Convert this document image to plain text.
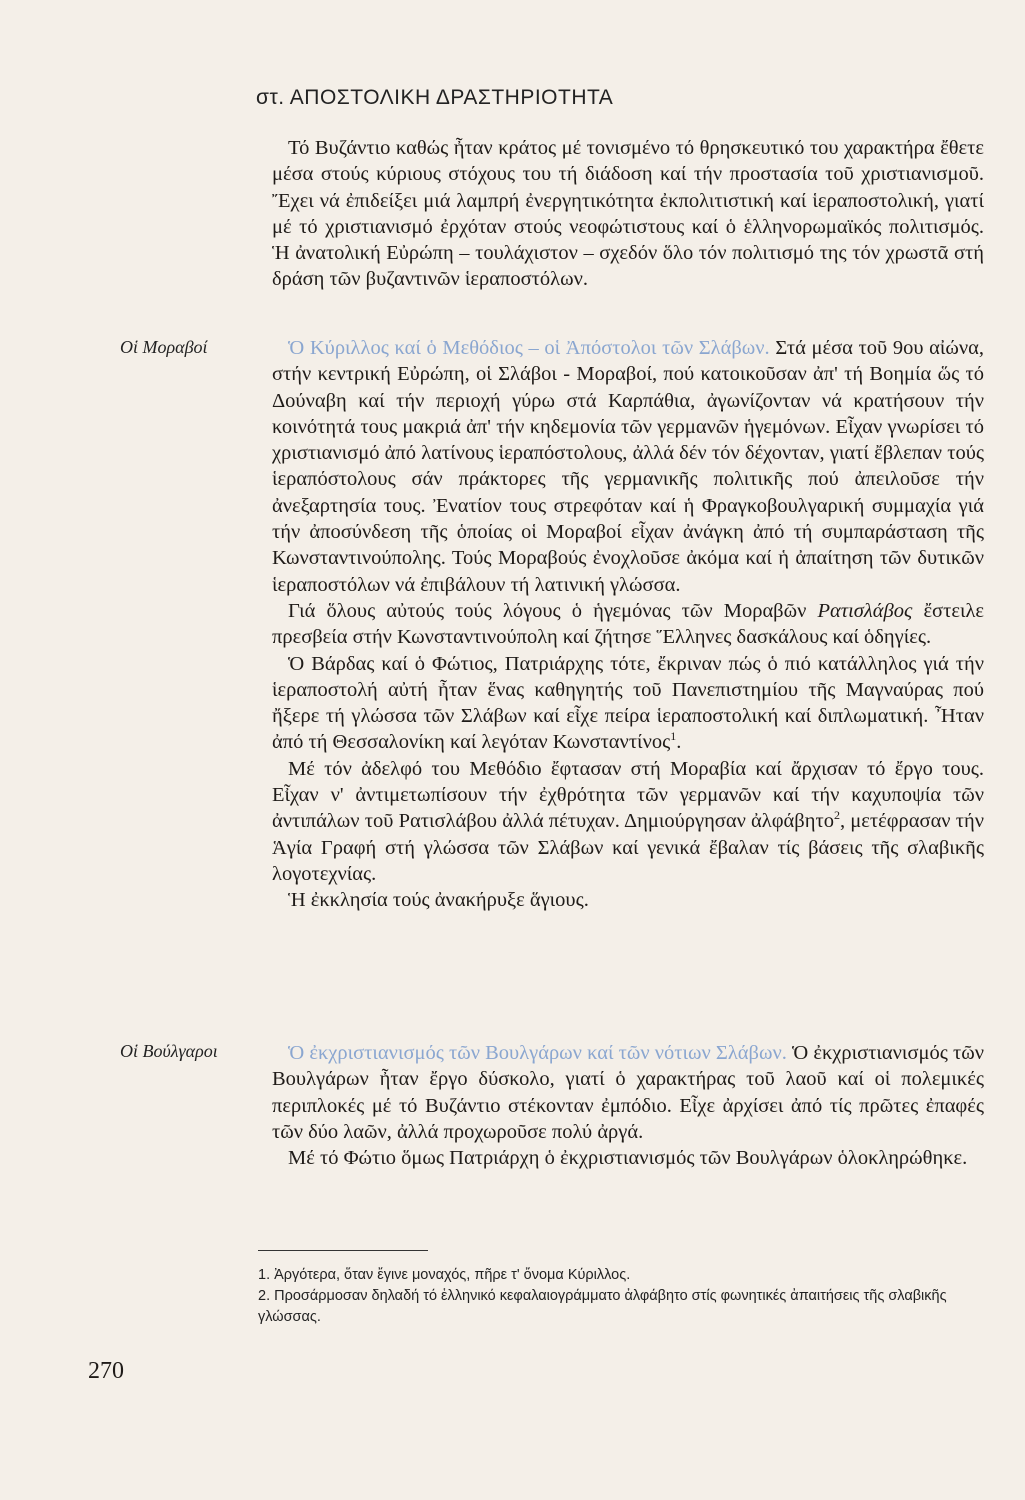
στ. ΑΠΟΣΤΟΛΙΚΗ ΔΡΑΣΤΗΡΙΟΤΗΤΑ

Τό Βυζάντιο καθώς ἦταν κράτος μέ τονισμένο τό θρησκευτικό του χαρακτήρα ἔθετε μέσα στούς κύριους στόχους του τή διάδοση καί τήν προστασία τοῦ χριστιανισμοῦ. Ἔχει νά ἐπιδείξει μιά λαμπρή ἐνεργητικότητα ἐκπολιτιστική καί ἱεραποστολική, γιατί μέ τό χριστιανισμό ἐρχόταν στούς νεοφώτιστους καί ὁ ἑλληνορωμαϊκός πολιτισμός. Ἡ ἀνατολική Εὐρώπη – τουλάχιστον – σχεδόν ὅλο τόν πολιτισμό της τόν χρωστᾶ στή δράση τῶν βυζαντινῶν ἱεραποστόλων.

Οἱ Μοραβοί	Ὁ Κύριλλος καί ὁ Μεθόδιος – οἱ Ἀπόστολοι τῶν Σλάβων. Στά μέσα τοῦ 9ου αἰώνα, στήν κεντρική Εὐρώπη, οἱ Σλάβοι - Μοραβοί, πού κατοικοῦσαν ἀπ' τή Βοημία ὥς τό Δούναβη καί τήν περιοχή γύρω στά Καρπάθια, ἀγωνίζονταν νά κρατήσουν τήν κοινότητά τους μακριά ἀπ' τήν κηδεμονία τῶν γερμανῶν ἡγεμόνων. Εἶχαν γνωρίσει τό χριστιανισμό ἀπό λατίνους ἱεραπόστολους, ἀλλά δέν τόν δέχονταν, γιατί ἔβλεπαν τούς ἱεραπόστολους σάν πράκτορες τῆς γερμανικῆς πολιτικῆς πού ἀπειλοῦσε τήν ἀνεξαρτησία τους. Ἐνατίον τους στρεφόταν καί ἡ Φραγκοβουλγαρική συμμαχία γιά τήν ἀποσύνδεση τῆς ὁποίας οἱ Μοραβοί εἶχαν ἀνάγκη ἀπό τή συμπαράσταση τῆς Κωνσταντινούπολης. Τούς Μοραβούς ἐνοχλοῦσε ἀκόμα καί ἡ ἀπαίτηση τῶν δυτικῶν ἱεραποστόλων νά ἐπιβάλουν τή λατινική γλώσσα.

Γιά ὅλους αὐτούς τούς λόγους ὁ ἡγεμόνας τῶν Μοραβῶν Ρατισλάβος ἔστειλε πρεσβεία στήν Κωνσταντινούπολη καί ζήτησε Ἕλληνες δασκάλους καί ὁδηγίες.

Ὁ Βάρδας καί ὁ Φώτιος, Πατριάρχης τότε, ἔκριναν πώς ὁ πιό κατάλληλος γιά τήν ἱεραποστολή αὐτή ἦταν ἕνας καθηγητής τοῦ Πανεπιστημίου τῆς Μαγναύρας πού ἤξερε τή γλώσσα τῶν Σλάβων καί εἶχε πείρα ἱεραποστολική καί διπλωματική. Ἦταν ἀπό τή Θεσσαλονίκη καί λεγόταν Κωνσταντίνος$^1$.

Μέ τόν ἀδελφό του Μεθόδιο ἔφτασαν στή Μοραβία καί ἄρχισαν τό ἔργο τους. Εἶχαν ν' ἀντιμετωπίσουν τήν ἐχθρότητα τῶν γερμανῶν καί τήν καχυποψία τῶν ἀντιπάλων τοῦ Ρατισλάβου ἀλλά πέτυχαν. Δημιούργησαν ἀλφάβητο$^2$, μετέφρασαν τήν Ἁγία Γραφή στή γλώσσα τῶν Σλάβων καί γενικά ἔβαλαν τίς βάσεις τῆς σλαβικῆς λογοτεχνίας.

Ἡ ἐκκλησία τούς ἀνακήρυξε ἅγιους.

Οἱ Βούλγαροι	Ὁ ἐκχριστιανισμός τῶν Βουλγάρων καί τῶν νότιων Σλάβων. Ὁ ἐκχριστιανισμός τῶν Βουλγάρων ἦταν ἔργο δύσκολο, γιατί ὁ χαρακτήρας τοῦ λαοῦ καί οἱ πολεμικές περιπλοκές μέ τό Βυζάντιο στέκονταν ἐμπόδιο. Εἶχε ἀρχίσει ἀπό τίς πρῶτες ἐπαφές τῶν δύο λαῶν, ἀλλά προχωροῦσε πολύ ἀργά.

Μέ τό Φώτιο ὅμως Πατριάρχη ὁ ἐκχριστιανισμός τῶν Βουλγάρων ὁλοκληρώθηκε.

1. Ἀργότερα, ὅταν ἔγινε μοναχός, πῆρε τ' ὄνομα Κύριλλος.
2. Προσάρμοσαν δηλαδή τό ἑλληνικό κεφαλαιογράμματο ἀλφάβητο στίς φωνητικές ἀπαιτήσεις τῆς σλαβικῆς γλώσσας.
270
